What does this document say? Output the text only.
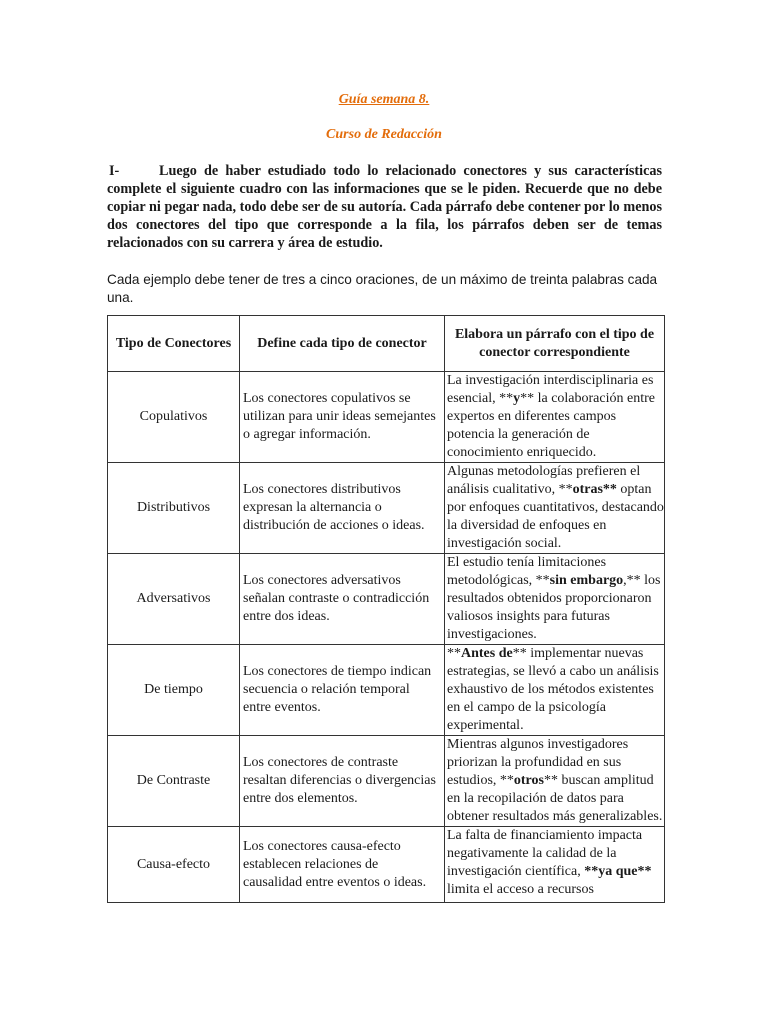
Guía semana 8.
Curso de Redacción
I-	Luego de haber estudiado todo lo relacionado conectores y sus características complete el siguiente cuadro con las informaciones que se le piden. Recuerde que no debe copiar ni pegar nada, todo debe ser de su autoría. Cada párrafo debe contener por lo menos dos conectores del tipo que corresponde a la fila, los párrafos deben ser de temas relacionados con su carrera y área de estudio.
Cada ejemplo debe tener de tres a cinco oraciones, de un máximo de treinta palabras cada una.
Tipo de Conectores	Define cada tipo de conector	Elabora un párrafo con el tipo de conector correspondiente
Copulativos	Los conectores copulativos se utilizan para unir ideas semejantes o agregar información.	La investigación interdisciplinaria es esencial, **y** la colaboración entre expertos en diferentes campos potencia la generación de conocimiento enriquecido.
Distributivos	Los conectores distributivos expresan la alternancia o distribución de acciones o ideas.	Algunas metodologías prefieren el análisis cualitativo, **otras** optan por enfoques cuantitativos, destacando la diversidad de enfoques en investigación social.
Adversativos	Los conectores adversativos señalan contraste o contradicción entre dos ideas.	El estudio tenía limitaciones metodológicas, **sin embargo,** los resultados obtenidos proporcionaron valiosos insights para futuras investigaciones.
De tiempo	Los conectores de tiempo indican secuencia o relación temporal entre eventos.	**Antes de** implementar nuevas estrategias, se llevó a cabo un análisis exhaustivo de los métodos existentes en el campo de la psicología experimental.
De Contraste	Los conectores de contraste resaltan diferencias o divergencias entre dos elementos.	Mientras algunos investigadores priorizan la profundidad en sus estudios, **otros** buscan amplitud en la recopilación de datos para obtener resultados más generalizables.
Causa-efecto	Los conectores causa-efecto establecen relaciones de causalidad entre eventos o ideas.	La falta de financiamiento impacta negativamente la calidad de la investigación científica, **ya que** limita el acceso a recursos
